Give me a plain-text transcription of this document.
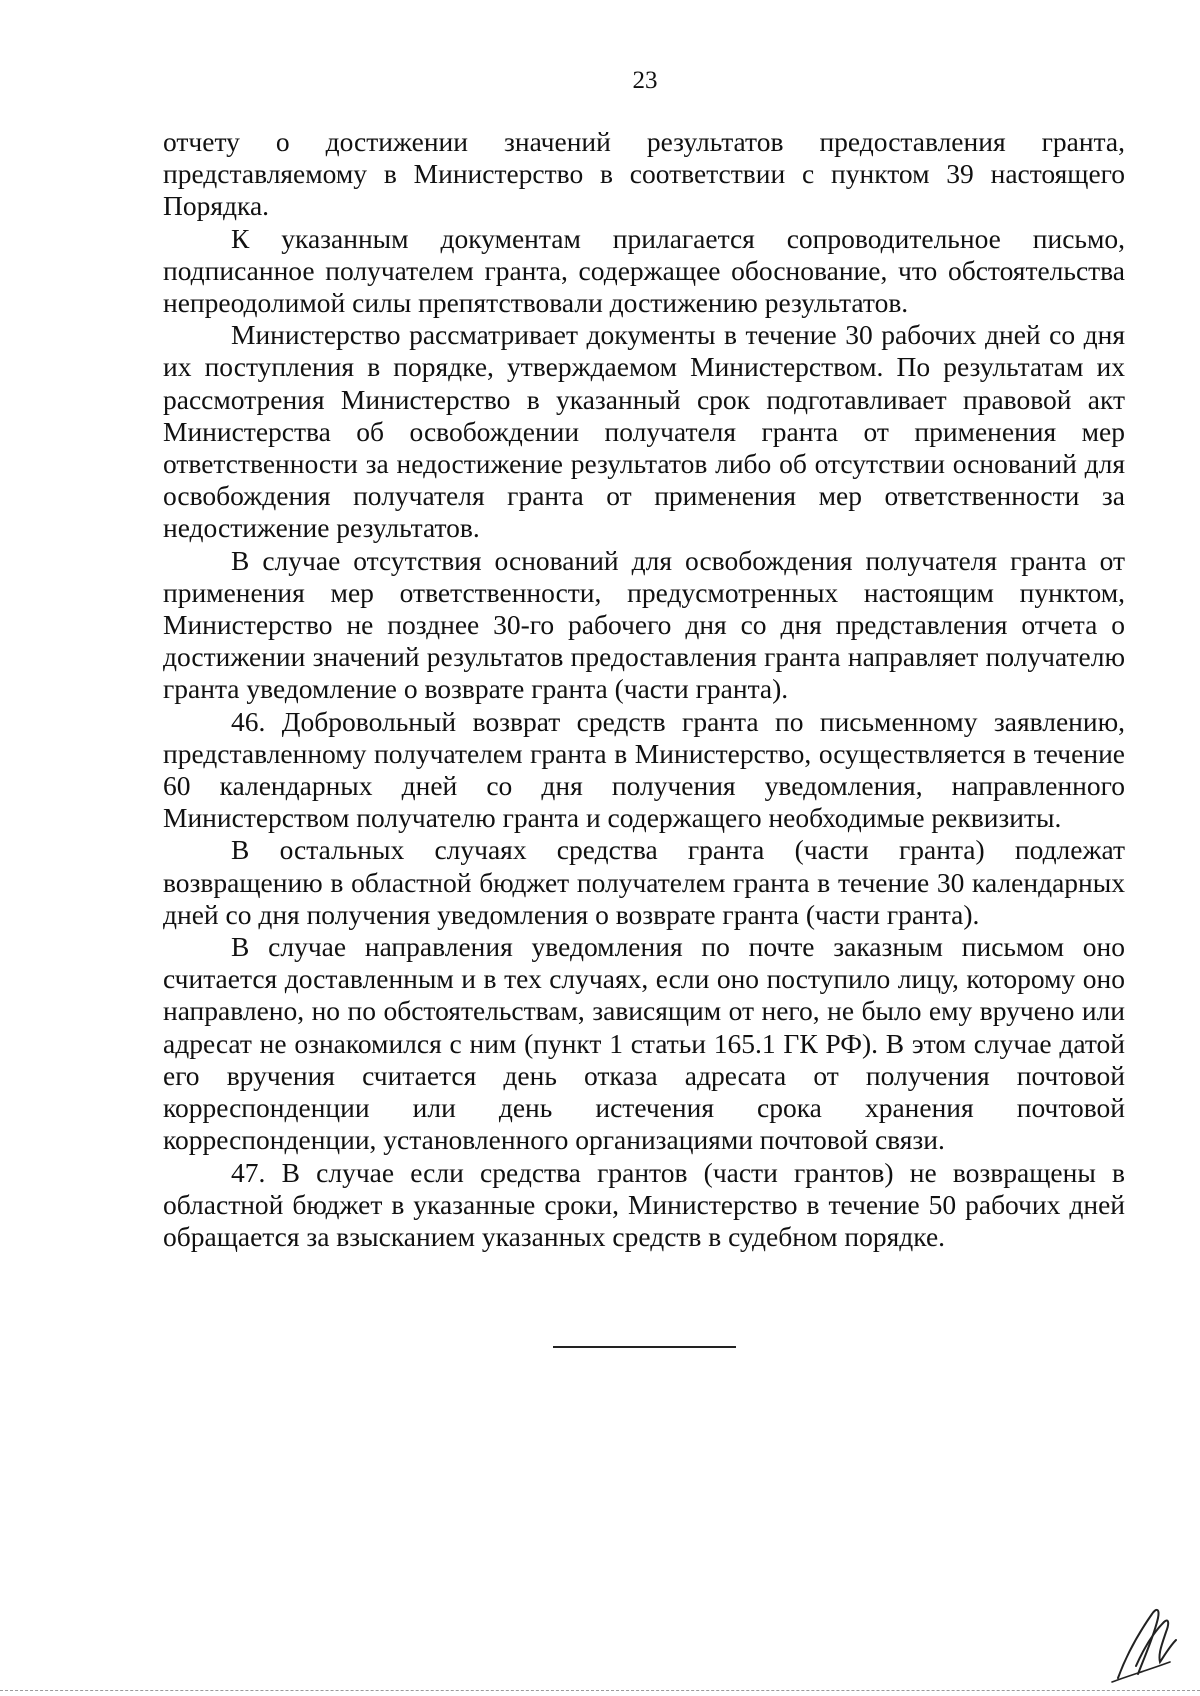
23

отчету о достижении значений результатов предоставления гранта, представляемому в Министерство в соответствии с пунктом 39 настоящего Порядка.

К указанным документам прилагается сопроводительное письмо, подписанное получателем гранта, содержащее обоснование, что обстоятельства непреодолимой силы препятствовали достижению результатов.

Министерство рассматривает документы в течение 30 рабочих дней со дня их поступления в порядке, утверждаемом Министерством. По результатам их рассмотрения Министерство в указанный срок подготавливает правовой акт Министерства об освобождении получателя гранта от применения мер ответственности за недостижение результатов либо об отсутствии оснований для освобождения получателя гранта от применения мер ответственности за недостижение результатов.

В случае отсутствия оснований для освобождения получателя гранта от применения мер ответственности, предусмотренных настоящим пунктом, Министерство не позднее 30-го рабочего дня со дня представления отчета о достижении значений результатов предоставления гранта направляет получателю гранта уведомление о возврате гранта (части гранта).

46. Добровольный возврат средств гранта по письменному заявлению, представленному получателем гранта в Министерство, осуществляется в течение 60 календарных дней со дня получения уведомления, направленного Министерством получателю гранта и содержащего необходимые реквизиты.

В остальных случаях средства гранта (части гранта) подлежат возвращению в областной бюджет получателем гранта в течение 30 календарных дней со дня получения уведомления о возврате гранта (части гранта).

В случае направления уведомления по почте заказным письмом оно считается доставленным и в тех случаях, если оно поступило лицу, которому оно направлено, но по обстоятельствам, зависящим от него, не было ему вручено или адресат не ознакомился с ним (пункт 1 статьи 165.1 ГК РФ). В этом случае датой его вручения считается день отказа адресата от получения почтовой корреспонденции или день истечения срока хранения почтовой корреспонденции, установленного организациями почтовой связи.

47. В случае если средства грантов (части грантов) не возвращены в областной бюджет в указанные сроки, Министерство в течение 50 рабочих дней обращается за взысканием указанных средств в судебном порядке.
